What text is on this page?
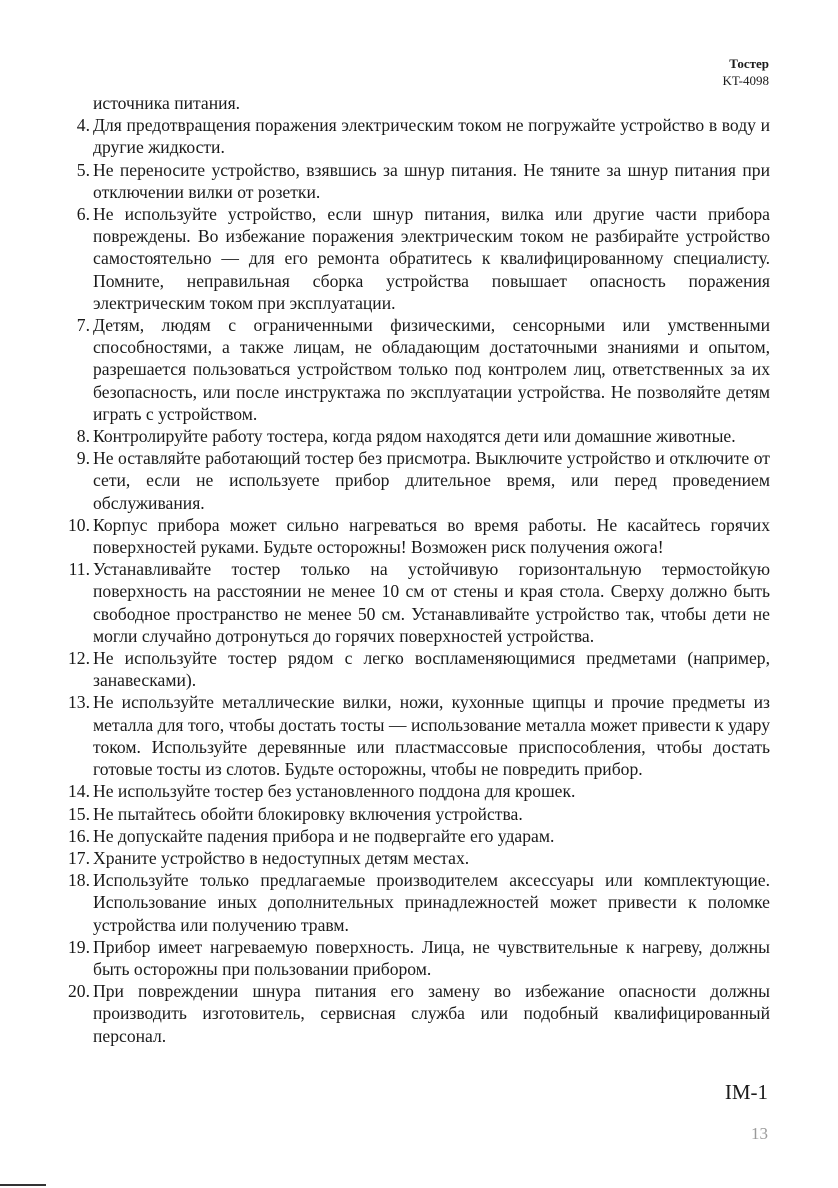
Тостер
KT-4098
источника питания.
4. Для предотвращения поражения электрическим током не погружайте устройство в воду и другие жидкости.
5. Не переносите устройство, взявшись за шнур питания. Не тяните за шнур питания при отключении вилки от розетки.
6. Не используйте устройство, если шнур питания, вилка или другие части прибора повреждены. Во избежание поражения электрическим током не разбирайте устройство самостоятельно — для его ремонта обратитесь к квалифицированному специалисту. Помните, неправильная сборка устройства повышает опасность поражения электрическим током при эксплуатации.
7. Детям, людям с ограниченными физическими, сенсорными или умственными способностями, а также лицам, не обладающим достаточными знаниями и опытом, разрешается пользоваться устройством только под контролем лиц, ответственных за их безопасность, или после инструктажа по эксплуатации устройства. Не позволяйте детям играть с устройством.
8. Контролируйте работу тостера, когда рядом находятся дети или домашние животные.
9. Не оставляйте работающий тостер без присмотра. Выключите устройство и отключите от сети, если не используете прибор длительное время, или перед проведением обслуживания.
10. Корпус прибора может сильно нагреваться во время работы. Не касайтесь горячих поверхностей руками. Будьте осторожны! Возможен риск получения ожога!
11. Устанавливайте тостер только на устойчивую горизонтальную термостойкую поверхность на расстоянии не менее 10 см от стены и края стола. Сверху должно быть свободное пространство не менее 50 см. Устанавливайте устройство так, чтобы дети не могли случайно дотронуться до горячих поверхностей устройства.
12. Не используйте тостер рядом с легко воспламеняющимися предметами (например, занавесками).
13. Не используйте металлические вилки, ножи, кухонные щипцы и прочие предметы из металла для того, чтобы достать тосты — использование металла может привести к удару током. Используйте деревянные или пластмассовые приспособления, чтобы достать готовые тосты из слотов. Будьте осторожны, чтобы не повредить прибор.
14. Не используйте тостер без установленного поддона для крошек.
15. Не пытайтесь обойти блокировку включения устройства.
16. Не допускайте падения прибора и не подвергайте его ударам.
17. Храните устройство в недоступных детям местах.
18. Используйте только предлагаемые производителем аксессуары или комплектующие. Использование иных дополнительных принадлежностей может привести к поломке устройства или получению травм.
19. Прибор имеет нагреваемую поверхность. Лица, не чувствительные к нагреву, должны быть осторожны при пользовании прибором.
20. При повреждении шнура питания его замену во избежание опасности должны производить изготовитель, сервисная служба или подобный квалифицированный персонал.
IM-1
13
